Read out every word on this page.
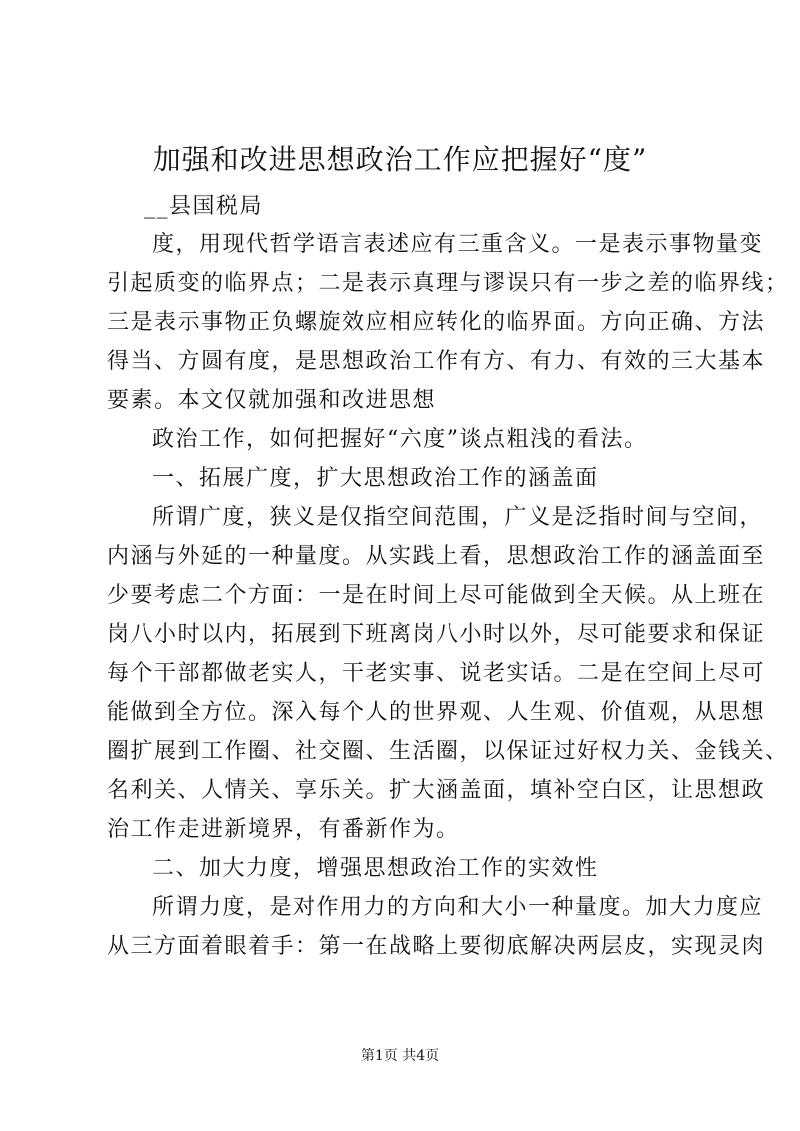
加强和改进思想政治工作应把握好“度”
__县国税局
度，用现代哲学语言表述应有三重含义。一是表示事物量变
引起质变的临界点；二是表示真理与谬误只有一步之差的临界线；
三是表示事物正负螺旋效应相应转化的临界面。方向正确、方法
得当、方圆有度，是思想政治工作有方、有力、有效的三大基本
要素。本文仅就加强和改进思想
政治工作，如何把握好“六度”谈点粗浅的看法。
一、拓展广度，扩大思想政治工作的涵盖面
所谓广度，狭义是仅指空间范围，广义是泛指时间与空间，
内涵与外延的一种量度。从实践上看，思想政治工作的涵盖面至
少要考虑二个方面：一是在时间上尽可能做到全天候。从上班在
岗八小时以内，拓展到下班离岗八小时以外，尽可能要求和保证
每个干部都做老实人，干老实事、说老实话。二是在空间上尽可
能做到全方位。深入每个人的世界观、人生观、价值观，从思想
圈扩展到工作圈、社交圈、生活圈，以保证过好权力关、金钱关、
名利关、人情关、享乐关。扩大涵盖面，填补空白区，让思想政
治工作走进新境界，有番新作为。
二、加大力度，增强思想政治工作的实效性
所谓力度，是对作用力的方向和大小一种量度。加大力度应
从三方面着眼着手：第一在战略上要彻底解决两层皮，实现灵肉
第1页 共4页
